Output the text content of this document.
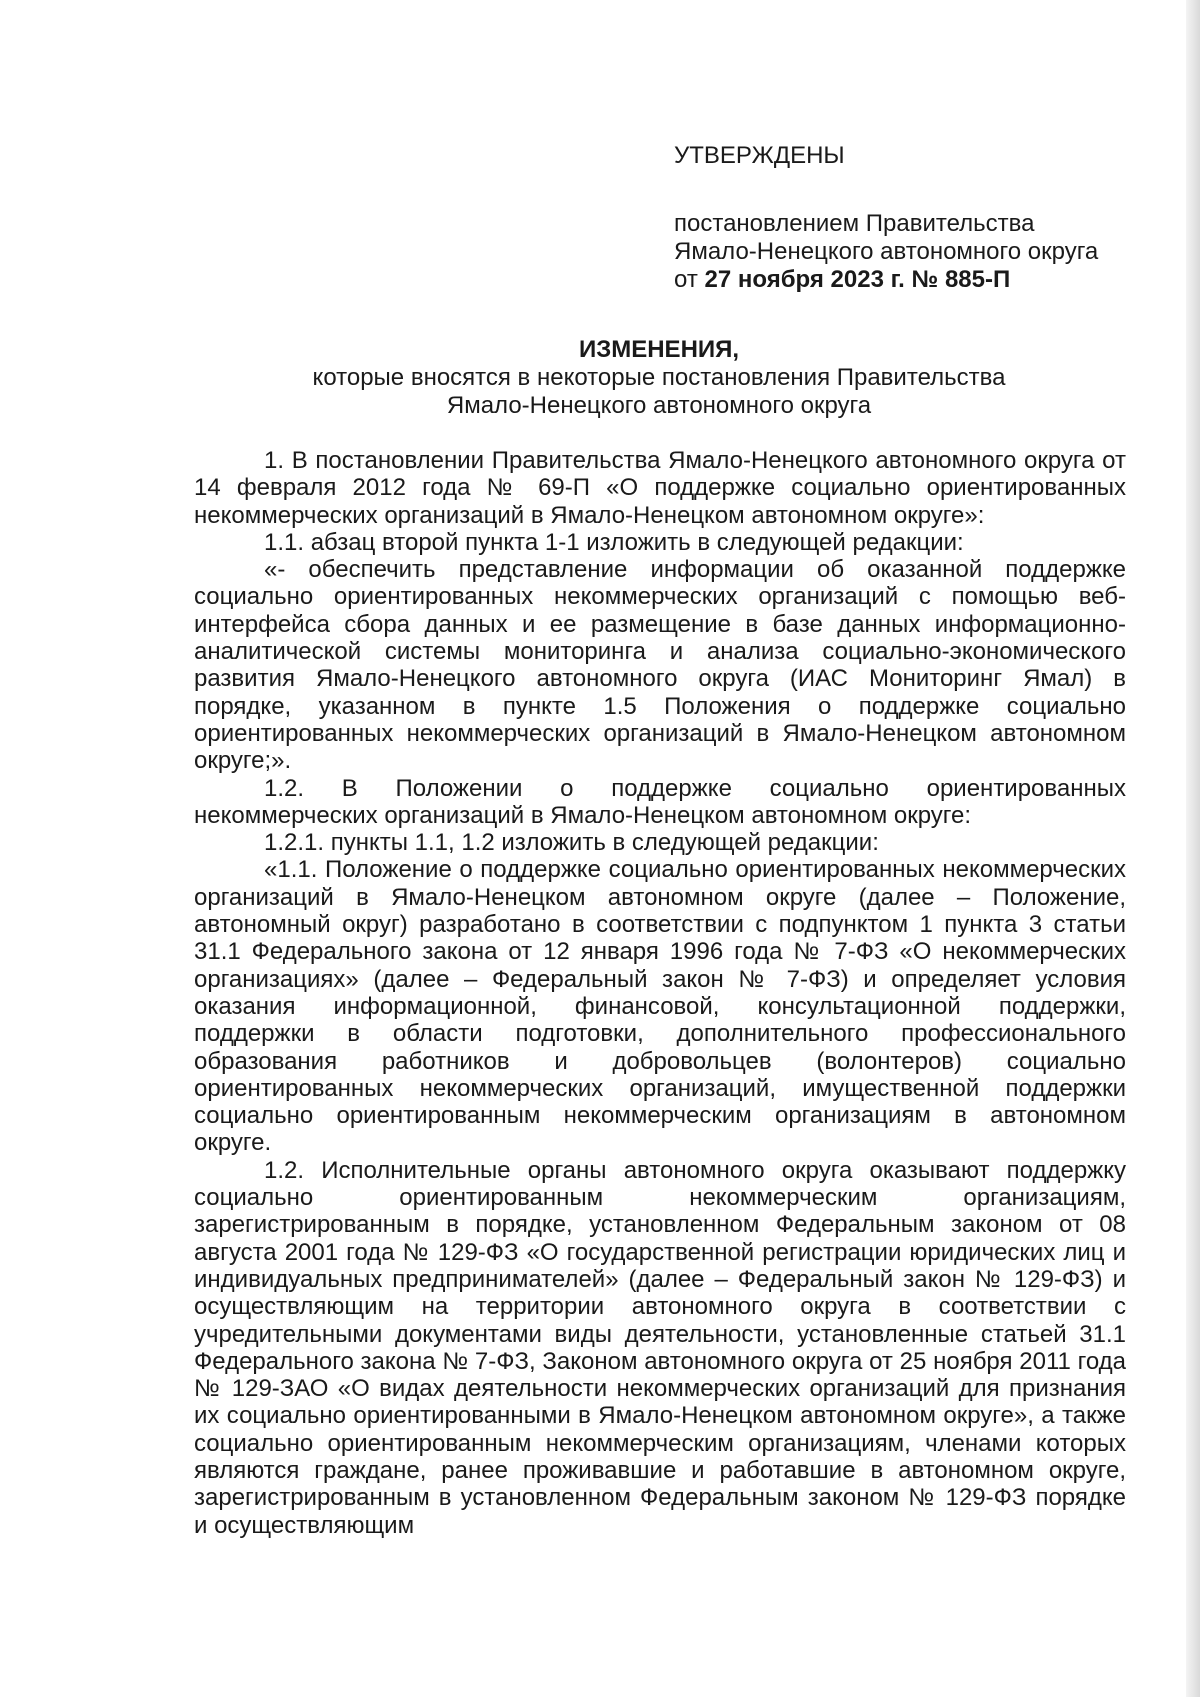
УТВЕРЖДЕНЫ
постановлением Правительства
Ямало-Ненецкого автономного округа
от 27 ноября 2023 г. № 885-П
ИЗМЕНЕНИЯ,
которые вносятся в некоторые постановления Правительства
Ямало-Ненецкого автономного округа

1. В постановлении Правительства Ямало-Ненецкого автономного округа от 14 февраля 2012 года № 69-П «О поддержке социально ориентированных некоммерческих организаций в Ямало-Ненецком автономном округе»:

1.1. абзац второй пункта 1-1 изложить в следующей редакции:

«- обеспечить представление информации об оказанной поддержке социально ориентированных некоммерческих организаций с помощью веб-интерфейса сбора данных и ее размещение в базе данных информационно-аналитической системы мониторинга и анализа социально-экономического развития Ямало-Ненецкого автономного округа (ИАС Мониторинг Ямал) в порядке, указанном в пункте 1.5 Положения о поддержке социально ориентированных некоммерческих организаций в Ямало-Ненецком автономном округе;».

1.2. В Положении о поддержке социально ориентированных некоммерческих организаций в Ямало-Ненецком автономном округе:

1.2.1. пункты 1.1, 1.2 изложить в следующей редакции:

«1.1. Положение о поддержке социально ориентированных некоммерческих организаций в Ямало-Ненецком автономном округе (далее – Положение, автономный округ) разработано в соответствии с подпунктом 1 пункта 3 статьи 31.1 Федерального закона от 12 января 1996 года № 7-ФЗ «О некоммерческих организациях» (далее – Федеральный закон № 7-ФЗ) и определяет условия оказания информационной, финансовой, консультационной поддержки, поддержки в области подготовки, дополнительного профессионального образования работников и добровольцев (волонтеров) социально ориентированных некоммерческих организаций, имущественной поддержки социально ориентированным некоммерческим организациям в автономном округе.

1.2. Исполнительные органы автономного округа оказывают поддержку социально ориентированным некоммерческим организациям, зарегистрированным в порядке, установленном Федеральным законом от 08 августа 2001 года № 129-ФЗ «О государственной регистрации юридических лиц и индивидуальных предпринимателей» (далее – Федеральный закон № 129-ФЗ) и осуществляющим на территории автономного округа в соответствии с учредительными документами виды деятельности, установленные статьей 31.1 Федерального закона № 7-ФЗ, Законом автономного округа от 25 ноября 2011 года № 129-ЗАО «О видах деятельности некоммерческих организаций для признания их социально ориентированными в Ямало-Ненецком автономном округе», а также социально ориентированным некоммерческим организациям, членами которых являются граждане, ранее проживавшие и работавшие в автономном округе, зарегистрированным в установленном Федеральным законом № 129-ФЗ порядке и осуществляющим
